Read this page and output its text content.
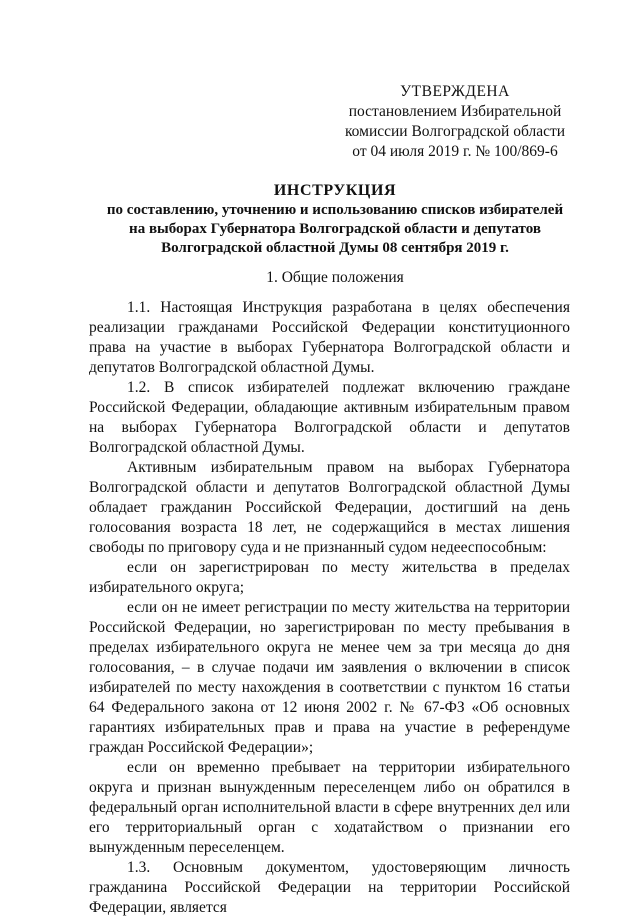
УТВЕРЖДЕНА
постановлением Избирательной
комиссии Волгоградской области
от 04 июля 2019 г. № 100/869-6
ИНСТРУКЦИЯ
по составлению, уточнению и использованию списков избирателей
на выборах Губернатора Волгоградской области и депутатов
Волгоградской областной Думы 08 сентября 2019 г.
1. Общие положения

1.1. Настоящая Инструкция разработана в целях обеспечения реализации гражданами Российской Федерации конституционного права на участие в выборах Губернатора Волгоградской области и депутатов Волгоградской областной Думы.

1.2. В список избирателей подлежат включению граждане Российской Федерации, обладающие активным избирательным правом на выборах Губернатора Волгоградской области и депутатов Волгоградской областной Думы.

Активным избирательным правом на выборах Губернатора Волгоградской области и депутатов Волгоградской областной Думы обладает гражданин Российской Федерации, достигший на день голосования возраста 18 лет, не содержащийся в местах лишения свободы по приговору суда и не признанный судом недееспособным:

если он зарегистрирован по месту жительства в пределах избирательного округа;

если он не имеет регистрации по месту жительства на территории Российской Федерации, но зарегистрирован по месту пребывания в пределах избирательного округа не менее чем за три месяца до дня голосования, – в случае подачи им заявления о включении в список избирателей по месту нахождения в соответствии с пунктом 16 статьи 64 Федерального закона от 12 июня 2002 г. № 67-ФЗ «Об основных гарантиях избирательных прав и права на участие в референдуме граждан Российской Федерации»;

если он временно пребывает на территории избирательного округа и признан вынужденным переселенцем либо он обратился в федеральный орган исполнительной власти в сфере внутренних дел или его территориальный орган с ходатайством о признании его вынужденным переселенцем.

1.3. Основным документом, удостоверяющим личность гражданина Российской Федерации на территории Российской Федерации, является
